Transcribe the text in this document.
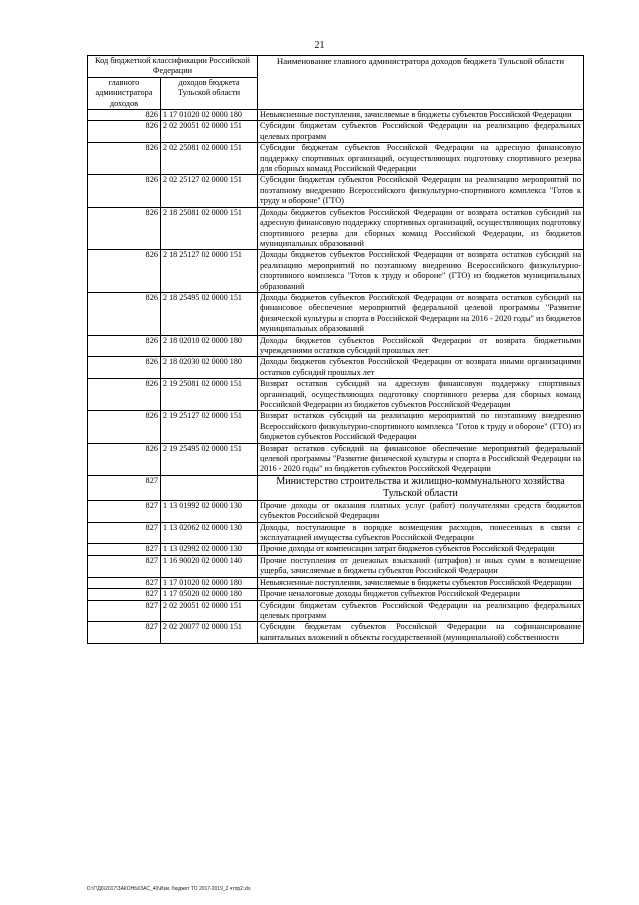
21
Код бюджетной классификации Российской Федерации		Наименование главного администратора доходов бюджета Тульской области
главного администратора доходов	доходов бюджета Тульской области	
826	1 17 01020 02 0000 180	Невыясненные поступления, зачисляемые в бюджеты субъектов Российской Федерации
826	2 02 20051 02 0000 151	Субсидии бюджетам субъектов Российской Федерации на реализацию федеральных целевых программ
826	2 02 25081 02 0000 151	Субсидии бюджетам субъектов Российской Федерации на адресную финансовую поддержку спортивных организаций, осуществляющих подготовку спортивного резерва для сборных команд Российской Федерации
826	2 02 25127 02 0000 151	Субсидии бюджетам субъектов Российской Федерации на реализацию мероприятий по поэтапному внедрению Всероссийского физкультурно-спортивного комплекса "Готов к труду и обороне" (ГТО)
826	2 18 25081 02 0000 151	Доходы бюджетов субъектов Российской Федерации от возврата остатков субсидий на адресную финансовую поддержку спортивных организаций, осуществляющих подготовку спортивного резерва для сборных команд Российской Федерации, из бюджетов муниципальных образований
826	2 18 25127 02 0000 151	Доходы бюджетов субъектов Российской Федерации от возврата остатков субсидий на реализацию мероприятий по поэтапному внедрению Всероссийского физкультурно-спортивного комплекса "Готов к труду и обороне" (ГТО) из бюджетов муниципальных образований
826	2 18 25495 02 0000 151	Доходы бюджетов субъектов Российской Федерации от возврата остатков субсидий на финансовое обеспечение мероприятий федеральной целевой программы "Развитие физической культуры и спорта в Российской Федерации на 2016 - 2020 годы" из бюджетов муниципальных образований
826	2 18 02010 02 0000 180	Доходы бюджетов субъектов Российской Федерации от возврата бюджетными учреждениями остатков субсидий прошлых лет
826	2 18 02030 02 0000 180	Доходы бюджетов субъектов Российской Федерации от возврата иными организациями остатков субсидий прошлых лет
826	2 19 25081 02 0000 151	Возврат остатков субсидий на адресную финансовую поддержку спортивных организаций, осуществляющих подготовку спортивного резерва для сборных команд Российской Федерации из бюджетов субъектов Российской Федерации
826	2 19 25127 02 0000 151	Возврат остатков субсидий на реализацию мероприятий по поэтапному внедрению Всероссийского физкультурно-спортивного комплекса "Готов к труду и обороне" (ГТО) из бюджетов субъектов Российской Федерации
826	2 19 25495 02 0000 151	Возврат остатков субсидий на финансовое обеспечение мероприятий федеральной целевой программы "Развитие физической культуры и спорта в Российской Федерации на 2016 - 2020 годы" из бюджетов субъектов Российской Федерации
827		Министерство строительства и жилищно-коммунального хозяйства Тульской области
827	1 13 01992 02 0000 130	Прочие доходы от оказания платных услуг (работ) получателями средств бюджетов субъектов Российской Федерации
827	1 13 02062 02 0000 130	Доходы, поступающие в порядке возмещения расходов, понесенных в связи с эксплуатацией имущества субъектов Российской Федерации
827	1 13 02992 02 0000 130	Прочие доходы от компенсации затрат бюджетов субъектов Российской Федерации
827	1 16 90020 02 0000 140	Прочие поступления от денежных взысканий (штрафов) и иных сумм в возмещение ущерба, зачисляемые в бюджеты субъектов Российской Федерации
827	1 17 01020 02 0000 180	Невыясненные поступления, зачисляемые в бюджеты субъектов Российской Федерации
827	1 17 05020 02 0000 180	Прочие неналоговые доходы бюджетов субъектов Российской Федерации
827	2 02 20051 02 0000 151	Субсидии бюджетам субъектов Российской Федерации на реализацию федеральных целевых программ
827	2 02 20077 02 0000 151	Субсидии бюджетам субъектов Российской Федерации на софинансирование капитальных вложений в объекты государственной (муниципальной) собственности
D:\Г\Д6\2017\ЗАКОНЫ\ЗАС_40\Изм. бюджет ТО 2017-2019_2 чтпр2.xls
